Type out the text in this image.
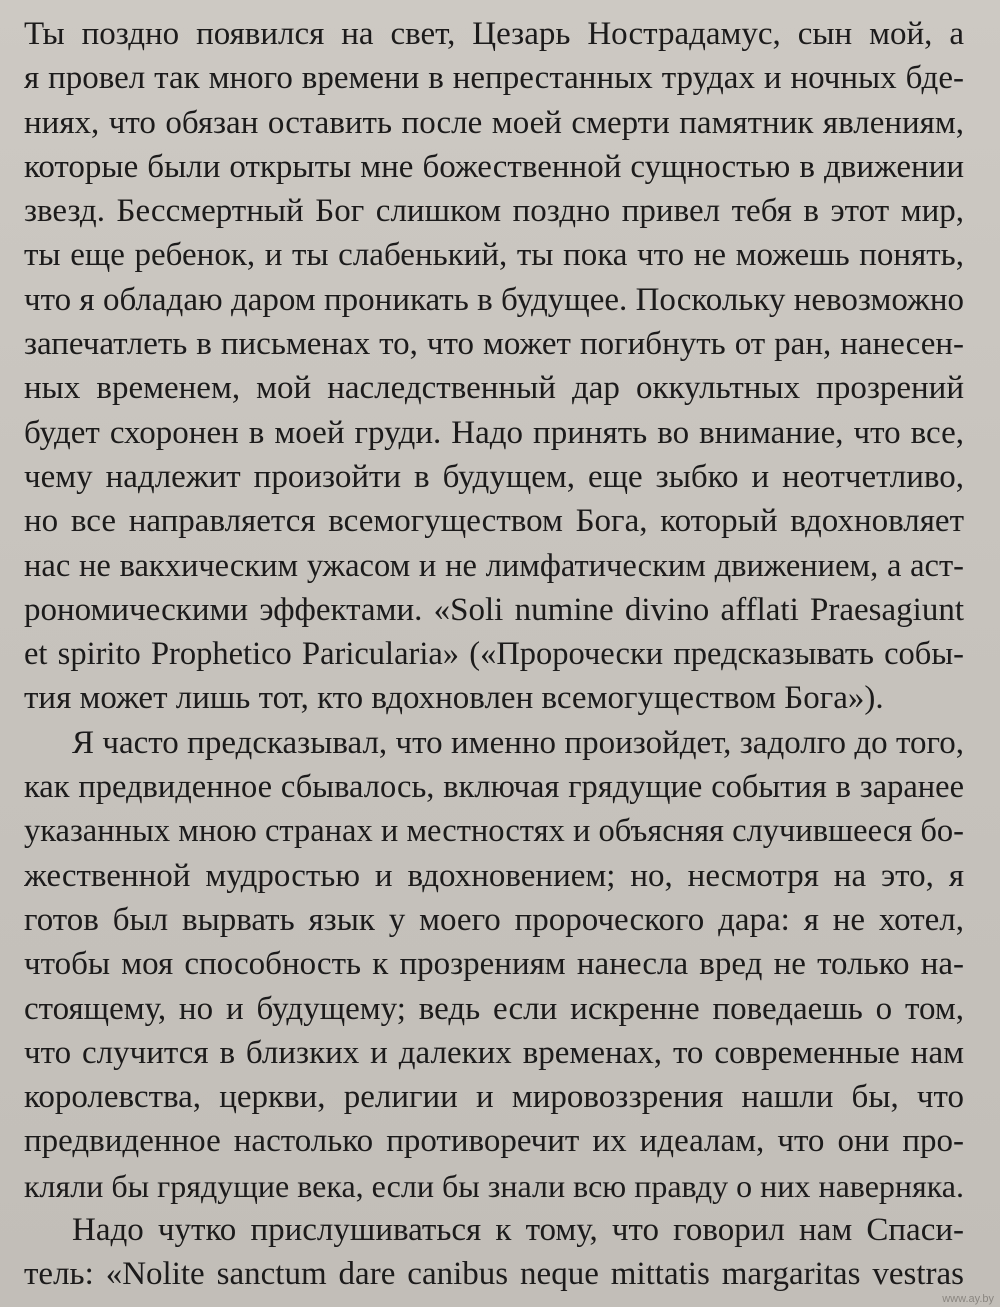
Ты поздно появился на свет, Цезарь Нострадамус, сын мой, а
я провел так много времени в непрестанных трудах и ночных бде-
ниях, что обязан оставить после моей смерти памятник явлениям,
которые были открыты мне божественной сущностью в движении
звезд. Бессмертный Бог слишком поздно привел тебя в этот мир,
ты еще ребенок, и ты слабенький, ты пока что не можешь понять,
что я обладаю даром проникать в будущее. Поскольку невозможно
запечатлеть в письменах то, что может погибнуть от ран, нанесен-
ных временем, мой наследственный дар оккультных прозрений
будет схоронен в моей груди. Надо принять во внимание, что все,
чему надлежит произойти в будущем, еще зыбко и неотчетливо,
но все направляется всемогуществом Бога, который вдохновляет
нас не вакхическим ужасом и не лимфатическим движением, а аст-
рономическими эффектами. «Soli numine divino afflati Praesagiunt
et spirito Prophetico Paricularia» («Пророчески предсказывать собы-
тия может лишь тот, кто вдохновлен всемогуществом Бога»).
Я часто предсказывал, что именно произойдет, задолго до того,
как предвиденное сбывалось, включая грядущие события в заранее
указанных мною странах и местностях и объясняя случившееся бо-
жественной мудростью и вдохновением; но, несмотря на это, я
готов был вырвать язык у моего пророческого дара: я не хотел,
чтобы моя способность к прозрениям нанесла вред не только на-
стоящему, но и будущему; ведь если искренне поведаешь о том,
что случится в близких и далеких временах, то современные нам
королевства, церкви, религии и мировоззрения нашли бы, что
предвиденное настолько противоречит их идеалам, что они про-
кляли бы грядущие века, если бы знали всю правду о них наверняка.
Надо чутко прислушиваться к тому, что говорил нам Спаси-
тель: «Nolite sanctum dare canibus neque mittatis margaritas vestras
www.ay.by
